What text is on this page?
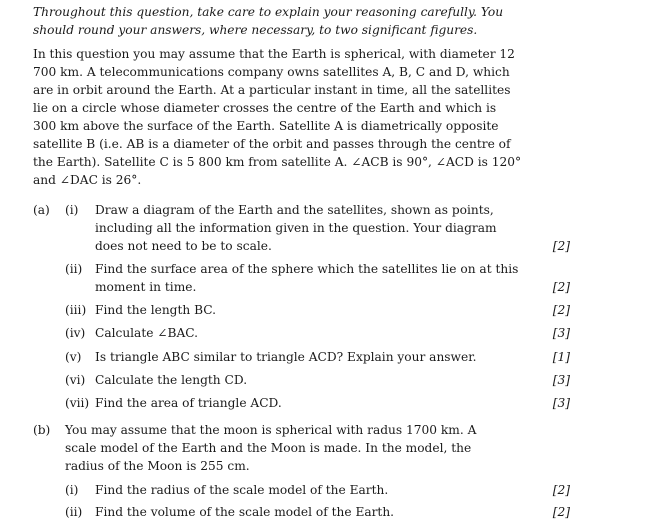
Throughout this question, take care to explain your reasoning carefully. You should round your answers, where necessary, to two significant figures.
In this question you may assume that the Earth is spherical, with diameter 12 700 km. A telecommunications company owns satellites A, B, C and D, which are in orbit around the Earth. At a particular instant in time, all the satellites lie on a circle whose diameter crosses the centre of the Earth and which is 300 km above the surface of the Earth. Satellite A is diametrically opposite satellite B (i.e. AB is a diameter of the orbit and passes through the centre of the Earth). Satellite C is 5 800 km from satellite A. ∠ACB is 90°, ∠ACD is 120° and ∠DAC is 26°.
(a) (i) Draw a diagram of the Earth and the satellites, shown as points, including all the information given in the question. Your diagram does not need to be to scale.	[2]
(ii) Find the surface area of the sphere which the satellites lie on at this moment in time.	[2]
(iii) Find the length BC.	[2]
(iv) Calculate ∠BAC.	[3]
(v) Is triangle ABC similar to triangle ACD? Explain your answer.	[1]
(vi) Calculate the length CD.	[3]
(vii) Find the area of triangle ACD.	[3]
(b) You may assume that the moon is spherical with radus 1700 km. A scale model of the Earth and the Moon is made. In the model, the radius of the Moon is 255 cm.
(i) Find the radius of the scale model of the Earth.	[2]
(ii) Find the volume of the scale model of the Earth.	[2]
